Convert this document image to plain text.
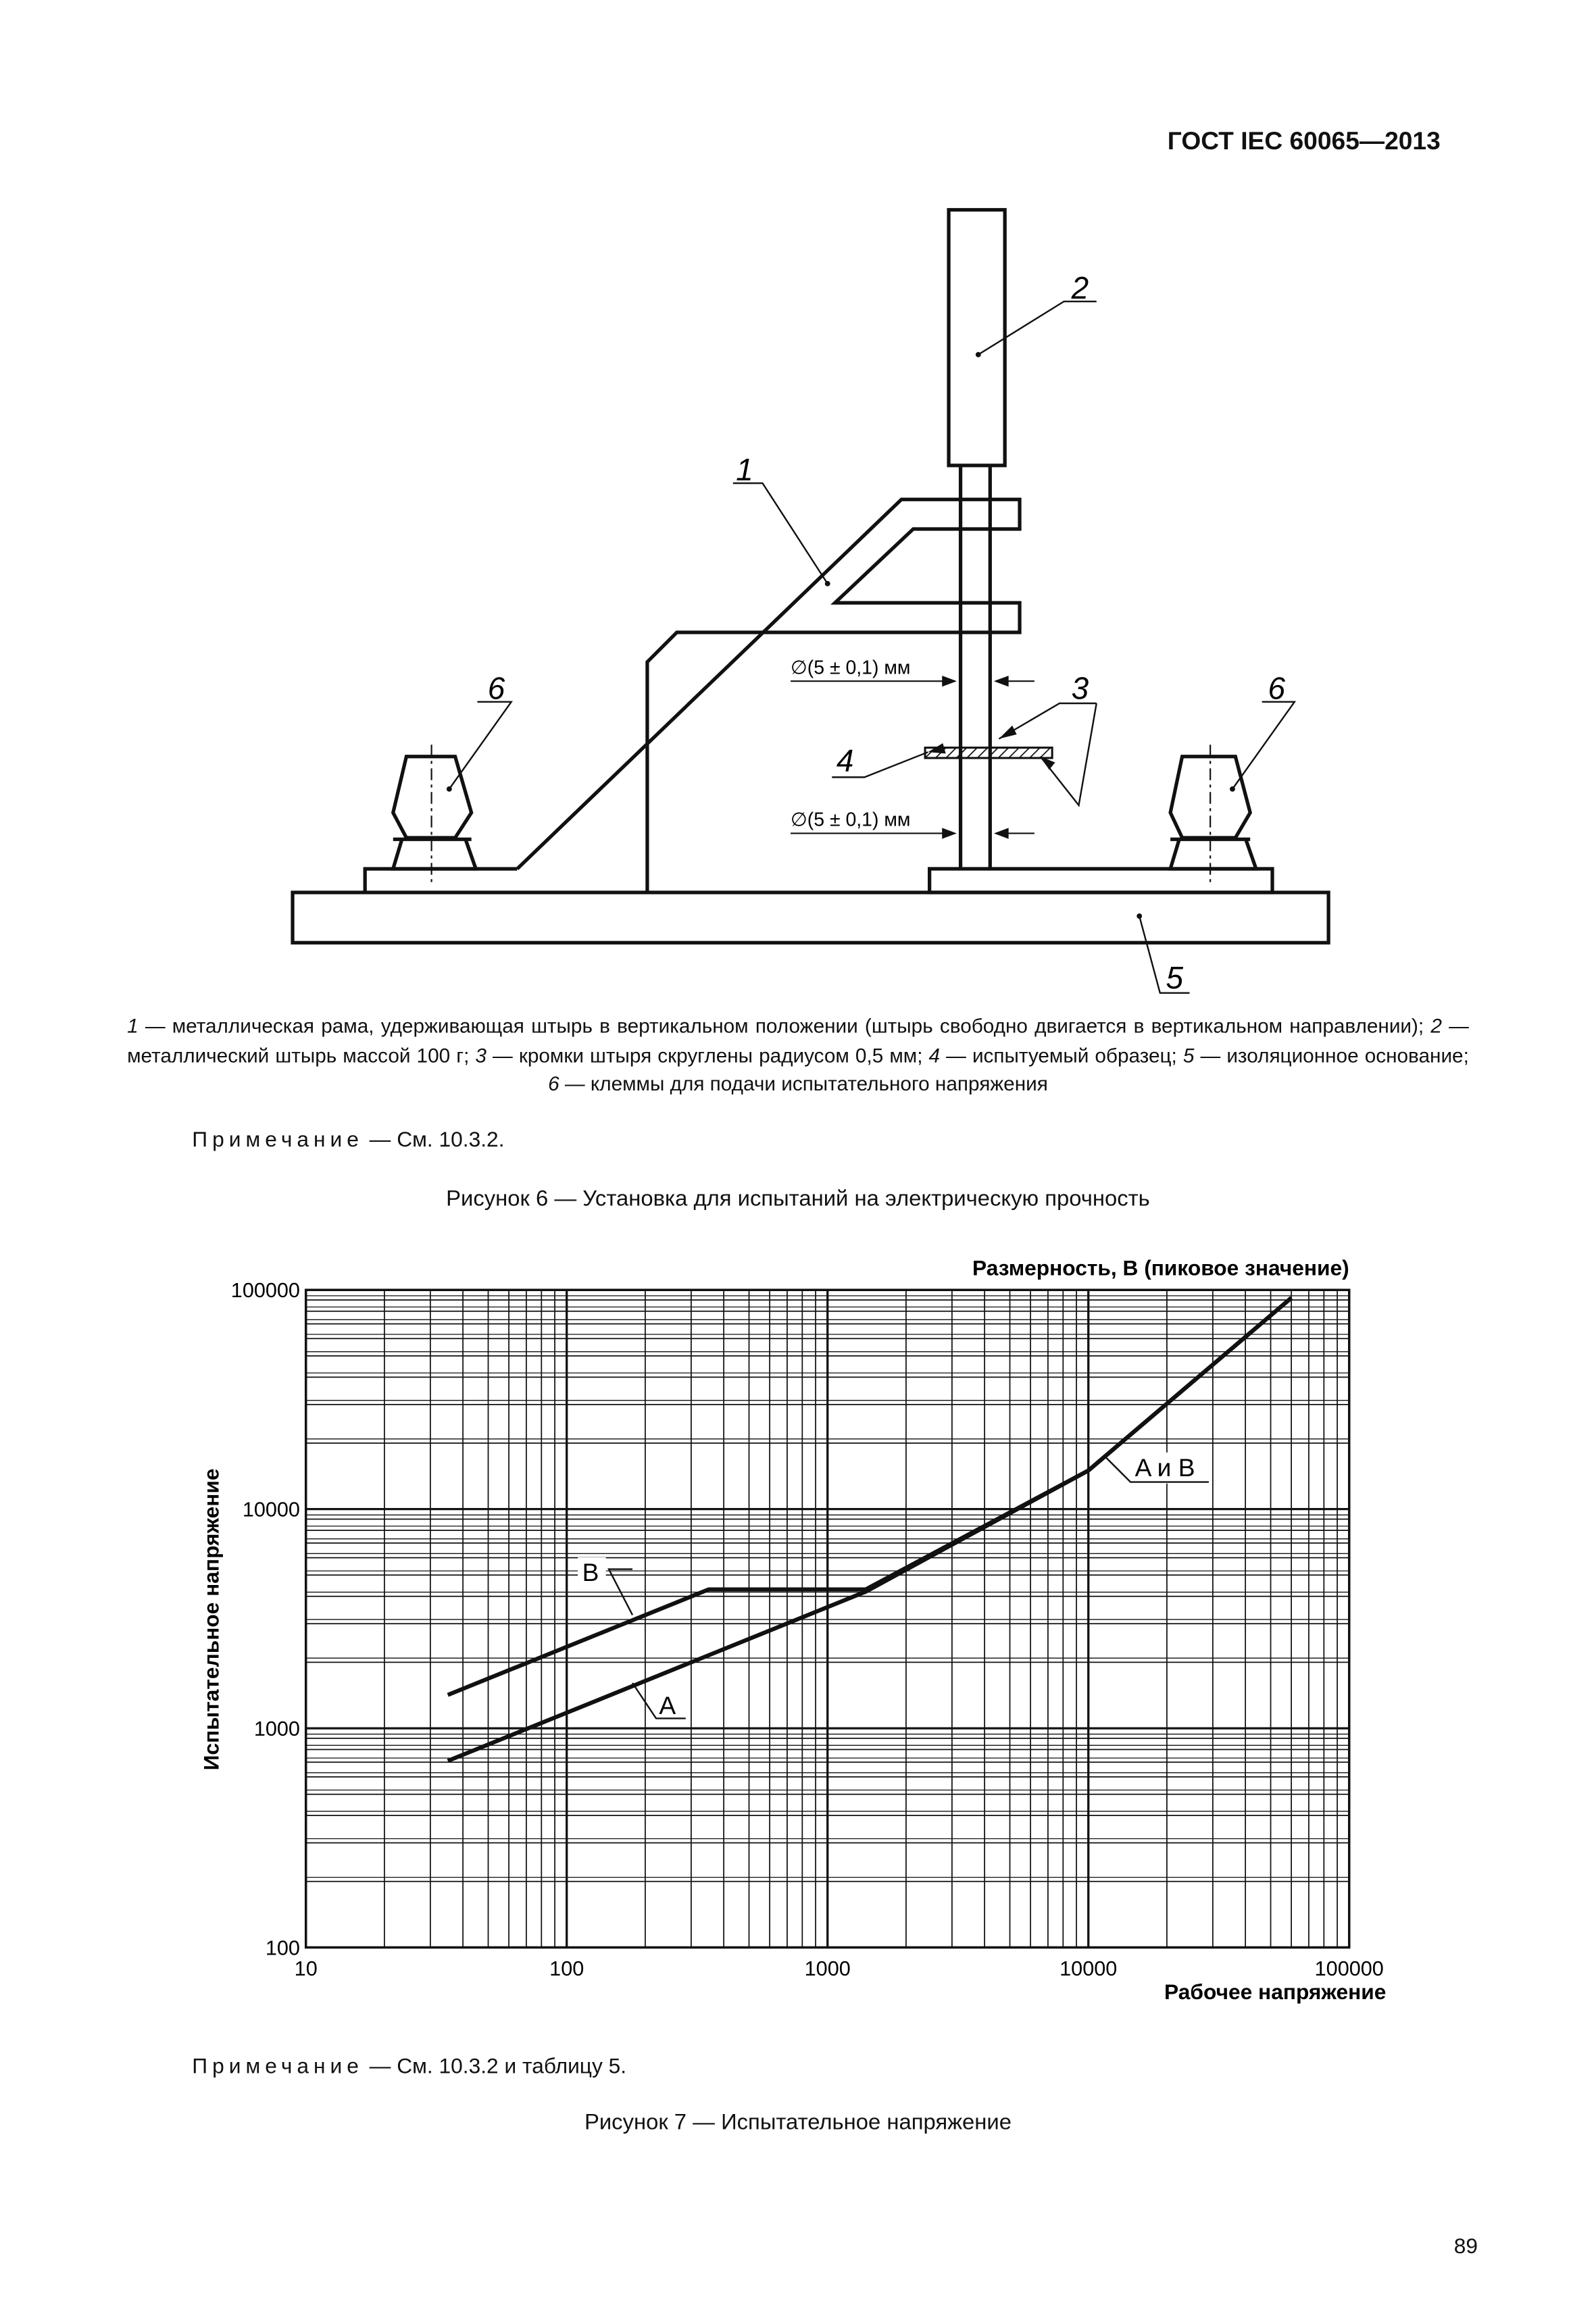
ГОСТ IEC 60065—2013
∅(5 ± 0,1) мм
∅(5 ± 0,1) мм
2
1
3
4
6	6
5
1 — металлическая рама, удерживающая штырь в вертикальном положении (штырь свободно двигается в вертикальном направлении); 2 — металлический штырь массой 100 г; 3 — кромки штыря скруглены радиусом 0,5 мм; 4 — испытуемый образец; 5 — изоляционное основание; 6 — клеммы для подачи испытательного напряжения
Примечание — См. 10.3.2.
Рисунок 6 — Установка для испытаний на электрическую прочность
10	100	1000	10000	100000
100
1000
10000
100000
Размерность, В (пиковое значение)
Рабочее напряжение
Испытательное напряжение	B
A
A и B
Примечание — См. 10.3.2 и таблицу 5.
Рисунок 7 — Испытательное напряжение
89
